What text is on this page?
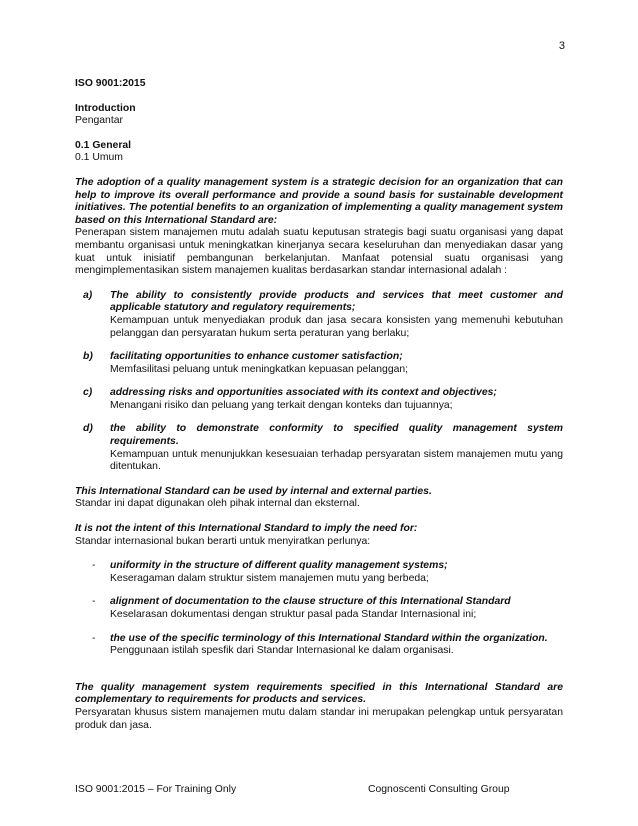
3
ISO 9001:2015
Introduction
Pengantar
0.1 General
0.1 Umum
The adoption of a quality management system is a strategic decision for an organization that can help to improve its overall performance and provide a sound basis for sustainable development initiatives. The potential benefits to an organization of implementing a quality management system based on this International Standard are:
Penerapan sistem manajemen mutu adalah suatu keputusan strategis bagi suatu organisasi yang dapat membantu organisasi untuk meningkatkan kinerjanya secara keseluruhan dan menyediakan dasar yang kuat untuk inisiatif pembangunan berkelanjutan. Manfaat potensial suatu organisasi yang mengimplementasikan sistem manajemen kualitas berdasarkan standar internasional adalah :
a) The ability to consistently provide products and services that meet customer and applicable statutory and regulatory requirements;
Kemampuan untuk menyediakan produk dan jasa secara konsisten yang memenuhi kebutuhan pelanggan dan persyaratan hukum serta peraturan yang berlaku;
b) facilitating opportunities to enhance customer satisfaction;
Memfasilitasi peluang untuk meningkatkan kepuasan pelanggan;
c) addressing risks and opportunities associated with its context and objectives;
Menangani risiko dan peluang yang terkait dengan konteks dan tujuannya;
d) the ability to demonstrate conformity to specified quality management system requirements.
Kemampuan untuk menunjukkan kesesuaian terhadap persyaratan sistem manajemen mutu yang ditentukan.
This International Standard can be used by internal and external parties.
Standar ini dapat digunakan oleh pihak internal dan eksternal.
It is not the intent of this International Standard to imply the need for:
Standar internasional bukan berarti untuk menyiratkan perlunya:
- uniformity in the structure of different quality management systems;
Keseragaman dalam struktur sistem manajemen mutu yang berbeda;
- alignment of documentation to the clause structure of this International Standard
Keselarasan dokumentasi dengan struktur pasal pada Standar Internasional ini;
- the use of the specific terminology of this International Standard within the organization.
Penggunaan istilah spesfik dari Standar Internasional ke dalam organisasi.
The quality management system requirements specified in this International Standard are complementary to requirements for products and services.
Persyaratan khusus sistem manajemen mutu dalam standar ini merupakan pelengkap untuk persyaratan produk dan jasa.
ISO 9001:2015 – For Training Only	Cognoscenti Consulting Group
